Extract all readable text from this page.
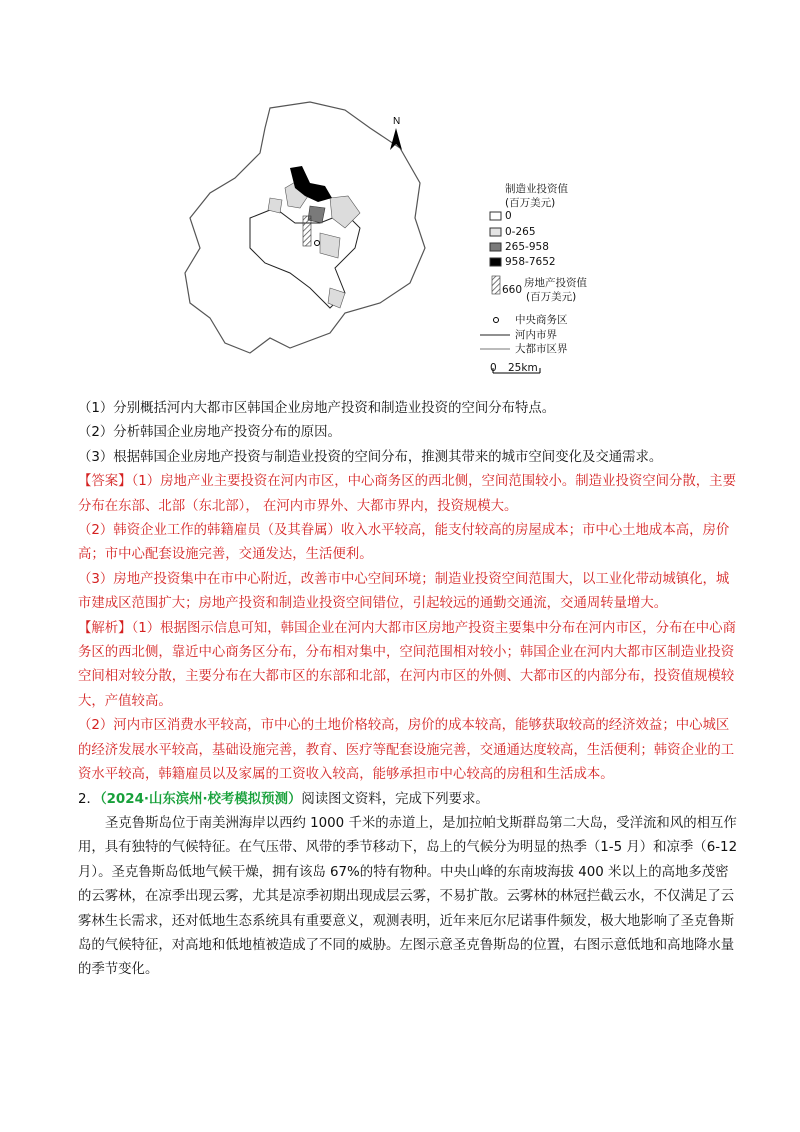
N
制造业投资值
(百万美元)
0
0-265
265-958
958-7652
660
房地产投资值
(百万美元)
中央商务区
河内市界
大都市区界
0 25km

（1）分别概括河内大都市区韩国企业房地产投资和制造业投资的空间分布特点。

（2）分析韩国企业房地产投资分布的原因。

（3）根据韩国企业房地产投资与制造业投资的空间分布，推测其带来的城市空间变化及交通需求。

【答案】（1）房地产业主要投资在河内市区，中心商务区的西北侧，空间范围较小。制造业投资空间分散，主要分布在东部、北部（东北部）， 在河内市界外、大都市界内，投资规模大。

（2）韩资企业工作的韩籍雇员（及其眷属）收入水平较高，能支付较高的房屋成本；市中心土地成本高，房价高；市中心配套设施完善，交通发达，生活便利。

（3）房地产投资集中在市中心附近，改善市中心空间环境；制造业投资空间范围大，以工业化带动城镇化，城市建成区范围扩大；房地产投资和制造业投资空间错位，引起较远的通勤交通流，交通周转量增大。

【解析】（1）根据图示信息可知，韩国企业在河内大都市区房地产投资主要集中分布在河内市区，分布在中心商务区的西北侧，靠近中心商务区分布，分布相对集中，空间范围相对较小；韩国企业在河内大都市区制造业投资空间相对较分散，主要分布在大都市区的东部和北部，在河内市区的外侧、大都市区的内部分布，投资值规模较大，产值较高。

（2）河内市区消费水平较高，市中心的土地价格较高，房价的成本较高，能够获取较高的经济效益；中心城区的经济发展水平较高，基础设施完善，教育、医疗等配套设施完善，交通通达度较高，生活便利；韩资企业的工资水平较高，韩籍雇员以及家属的工资收入较高，能够承担市中心较高的房租和生活成本。

2．（2024·山东滨州·校考模拟预测）阅读图文资料，完成下列要求。

圣克鲁斯岛位于南美洲海岸以西约 1000 千米的赤道上，是加拉帕戈斯群岛第二大岛，受洋流和风的相互作用，具有独特的气候特征。在气压带、风带的季节移动下，岛上的气候分为明显的热季（1-5 月）和凉季（6-12 月）。圣克鲁斯岛低地气候干燥，拥有该岛 67%的特有物种。中央山峰的东南坡海拔 400 米以上的高地多茂密的云雾林，在凉季出现云雾，尤其是凉季初期出现成层云雾，不易扩散。云雾林的林冠拦截云水，不仅满足了云雾林生长需求，还对低地生态系统具有重要意义，观测表明，近年来厄尔尼诺事件频发，极大地影响了圣克鲁斯岛的气候特征，对高地和低地植被造成了不同的威胁。左图示意圣克鲁斯岛的位置，右图示意低地和高地降水量的季节变化。
